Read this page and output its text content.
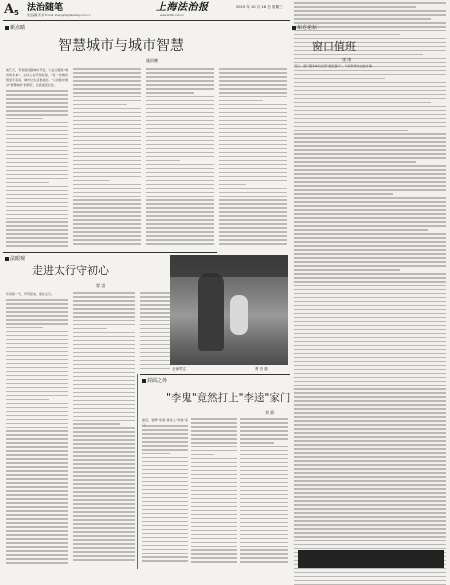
A 5 法治随笔
责任编辑 郑 厦 E-mail: zhengsha@lawdaily.com.cn
上海法治报
www.shfzb.com.cn
2019 年 10 月 16 日 星期三
新点睛
智慧城市与城市智慧
施训鹏
前几天，笔者到丝路城市开会，大会主题是"城市的未来"。主持人在开场时说，"有一位城市规划专家讲，城市让生活更美好。"又讲到中国对"智慧城市"的研究，让我深受启发。
法眼观
走进太行守初心
翟 睿
年初的一天，早早起来，前往太行。
全神贯注	曹 杰 摄
封面之外
"李鬼"竟然打上"李逵"家门
刘 鼎
最近，冒牌"李鬼"竟找上"李逵"家
东方论坛
窗口值班
康 康
近日，窗口服务单位启用"值班窗口"，午间和周末也能办事。
